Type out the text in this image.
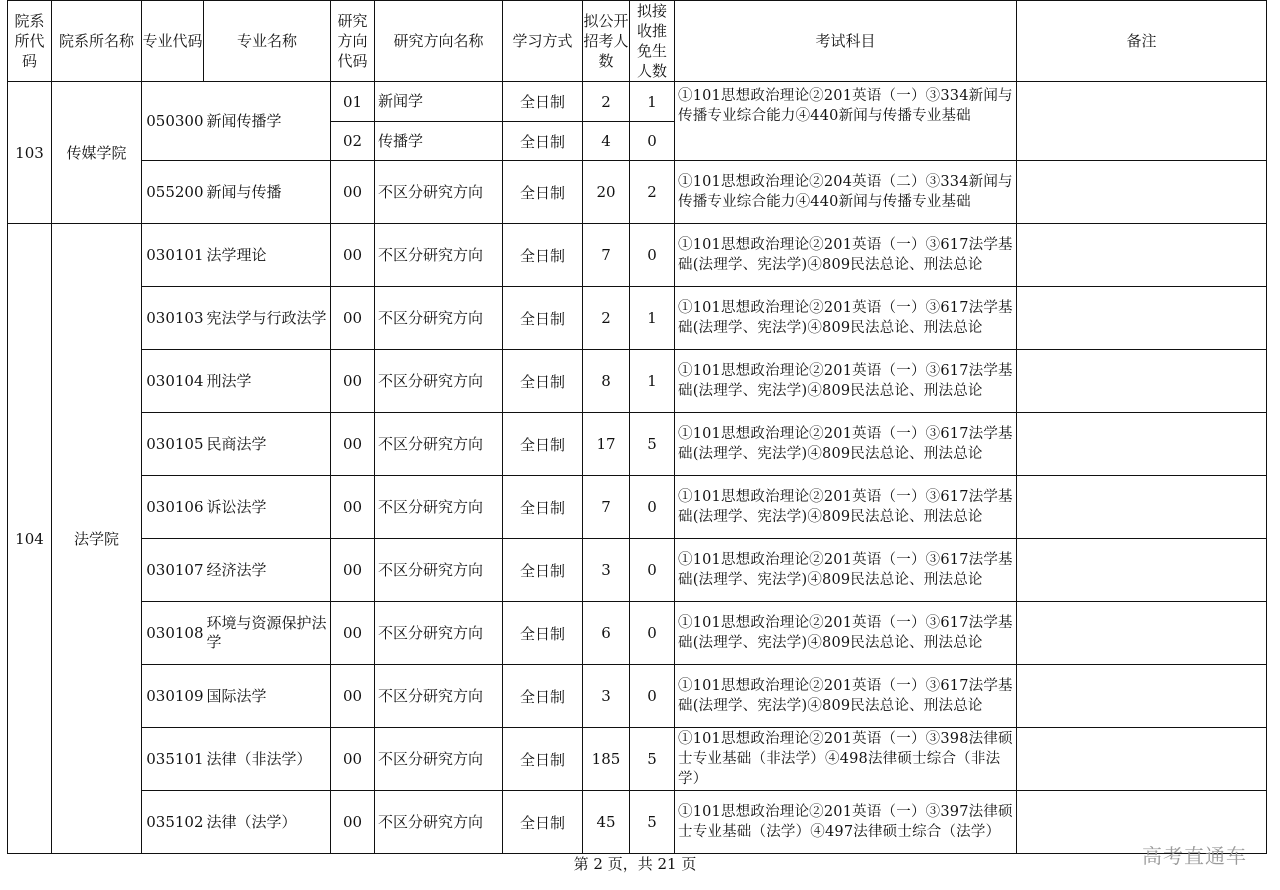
院系所代码	院系所名称	专业代码	专业名称	研究方向代码	研究方向名称	学习方式	拟公开招考人数	拟接收推免生人数	考试科目	备注
103	传媒学院	050300	新闻传播学	01	新闻学	全日制	2	1	①101思想政治理论②201英语（一）③334新闻与传播专业综合能力④440新闻与传播专业基础	
				02	传播学	全日制	4	0		
		055200	新闻与传播	00	不区分研究方向	全日制	20	2	①101思想政治理论②204英语（二）③334新闻与传播专业综合能力④440新闻与传播专业基础	
104	法学院	030101	法学理论	00	不区分研究方向	全日制	7	0	①101思想政治理论②201英语（一）③617法学基础(法理学、宪法学)④809民法总论、刑法总论	
		030103	宪法学与行政法学	00	不区分研究方向	全日制	2	1	①101思想政治理论②201英语（一）③617法学基础(法理学、宪法学)④809民法总论、刑法总论	
		030104	刑法学	00	不区分研究方向	全日制	8	1	①101思想政治理论②201英语（一）③617法学基础(法理学、宪法学)④809民法总论、刑法总论	
		030105	民商法学	00	不区分研究方向	全日制	17	5	①101思想政治理论②201英语（一）③617法学基础(法理学、宪法学)④809民法总论、刑法总论	
		030106	诉讼法学	00	不区分研究方向	全日制	7	0	①101思想政治理论②201英语（一）③617法学基础(法理学、宪法学)④809民法总论、刑法总论	
		030107	经济法学	00	不区分研究方向	全日制	3	0	①101思想政治理论②201英语（一）③617法学基础(法理学、宪法学)④809民法总论、刑法总论	
		030108	环境与资源保护法学	00	不区分研究方向	全日制	6	0	①101思想政治理论②201英语（一）③617法学基础(法理学、宪法学)④809民法总论、刑法总论	
		030109	国际法学	00	不区分研究方向	全日制	3	0	①101思想政治理论②201英语（一）③617法学基础(法理学、宪法学)④809民法总论、刑法总论	
		035101	法律（非法学）	00	不区分研究方向	全日制	185	5	①101思想政治理论②201英语（一）③398法律硕士专业基础（非法学）④498法律硕士综合（非法学）	
		035102	法律（法学）	00	不区分研究方向	全日制	45	5	①101思想政治理论②201英语（一）③397法律硕士专业基础（法学）④497法律硕士综合（法学）	
第 2 页，共 21 页	高考直通车
